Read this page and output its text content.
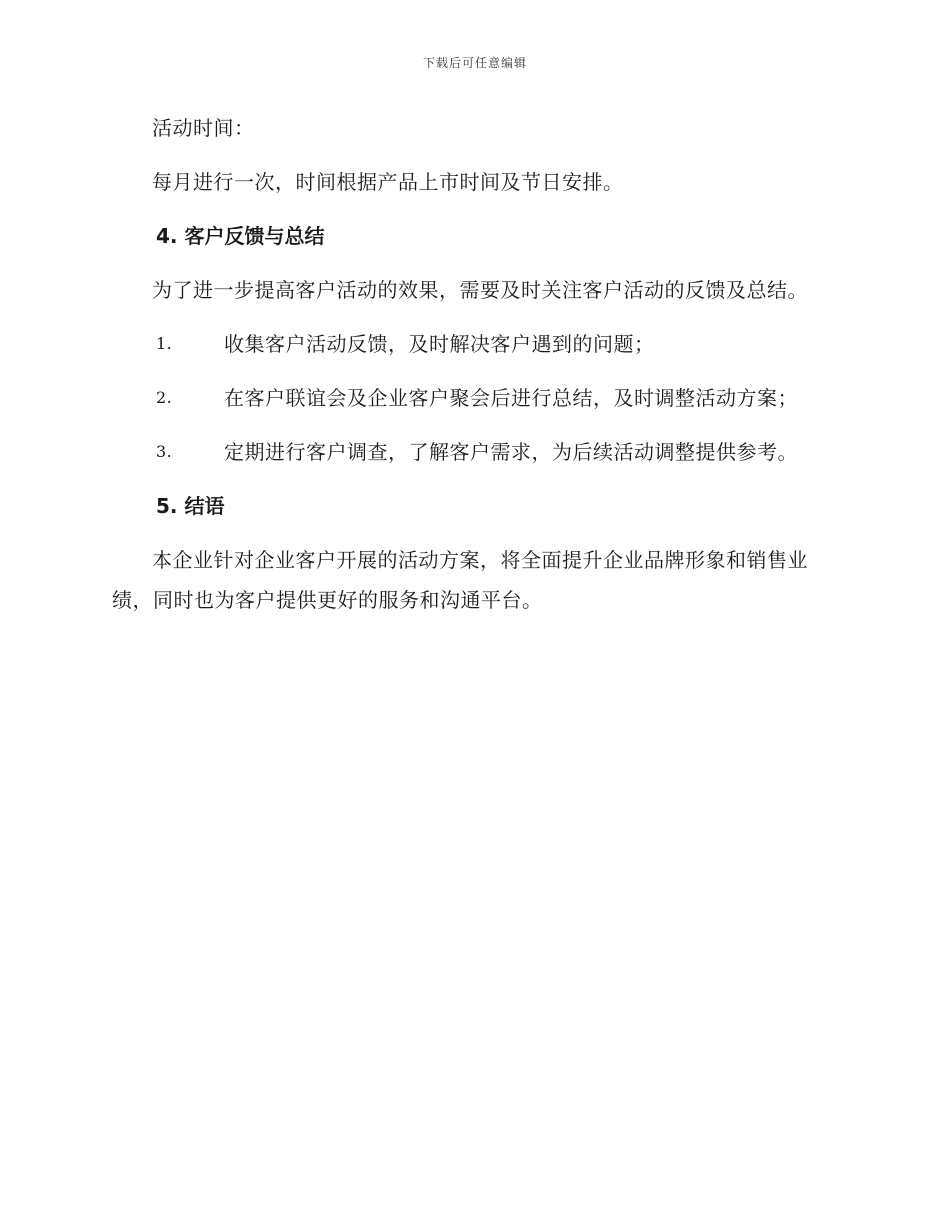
下载后可任意编辑

活动时间：

每月进行一次，时间根据产品上市时间及节日安排。

4. 客户反馈与总结

为了进一步提高客户活动的效果，需要及时关注客户活动的反馈及总结。

1.	收集客户活动反馈，及时解决客户遇到的问题；
2.	在客户联谊会及企业客户聚会后进行总结，及时调整活动方案；
3.	定期进行客户调查，了解客户需求，为后续活动调整提供参考。
5. 结语

本企业针对企业客户开展的活动方案，将全面提升企业品牌形象和销售业绩，同时也为客户提供更好的服务和沟通平台。
